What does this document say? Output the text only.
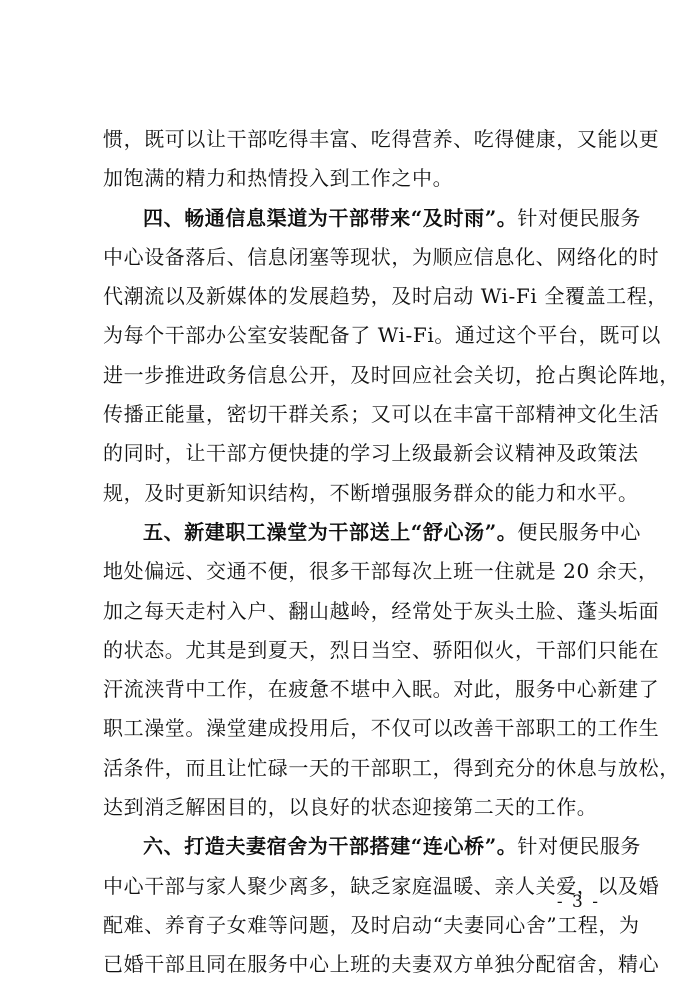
惯，既可以让干部吃得丰富、吃得营养、吃得健康，又能以更
加饱满的精力和热情投入到工作之中。
四、畅通信息渠道为干部带来“及时雨”。针对便民服务
中心设备落后、信息闭塞等现状，为顺应信息化、网络化的时
代潮流以及新媒体的发展趋势，及时启动 Wi-Fi 全覆盖工程，
为每个干部办公室安装配备了 Wi-Fi。通过这个平台，既可以
进一步推进政务信息公开，及时回应社会关切，抢占舆论阵地，
传播正能量，密切干群关系；又可以在丰富干部精神文化生活
的同时，让干部方便快捷的学习上级最新会议精神及政策法
规，及时更新知识结构，不断增强服务群众的能力和水平。
五、新建职工澡堂为干部送上“舒心汤”。便民服务中心
地处偏远、交通不便，很多干部每次上班一住就是 20 余天，
加之每天走村入户、翻山越岭，经常处于灰头土脸、蓬头垢面
的状态。尤其是到夏天，烈日当空、骄阳似火，干部们只能在
汗流浃背中工作，在疲惫不堪中入眠。对此，服务中心新建了
职工澡堂。澡堂建成投用后，不仅可以改善干部职工的工作生
活条件，而且让忙碌一天的干部职工，得到充分的休息与放松，
达到消乏解困目的，以良好的状态迎接第二天的工作。
六、打造夫妻宿舍为干部搭建“连心桥”。针对便民服务
中心干部与家人聚少离多，缺乏家庭温暖、亲人关爱，以及婚
配难、养育子女难等问题，及时启动“夫妻同心舍”工程，为
已婚干部且同在服务中心上班的夫妻双方单独分配宿舍，精心
- 3 -
